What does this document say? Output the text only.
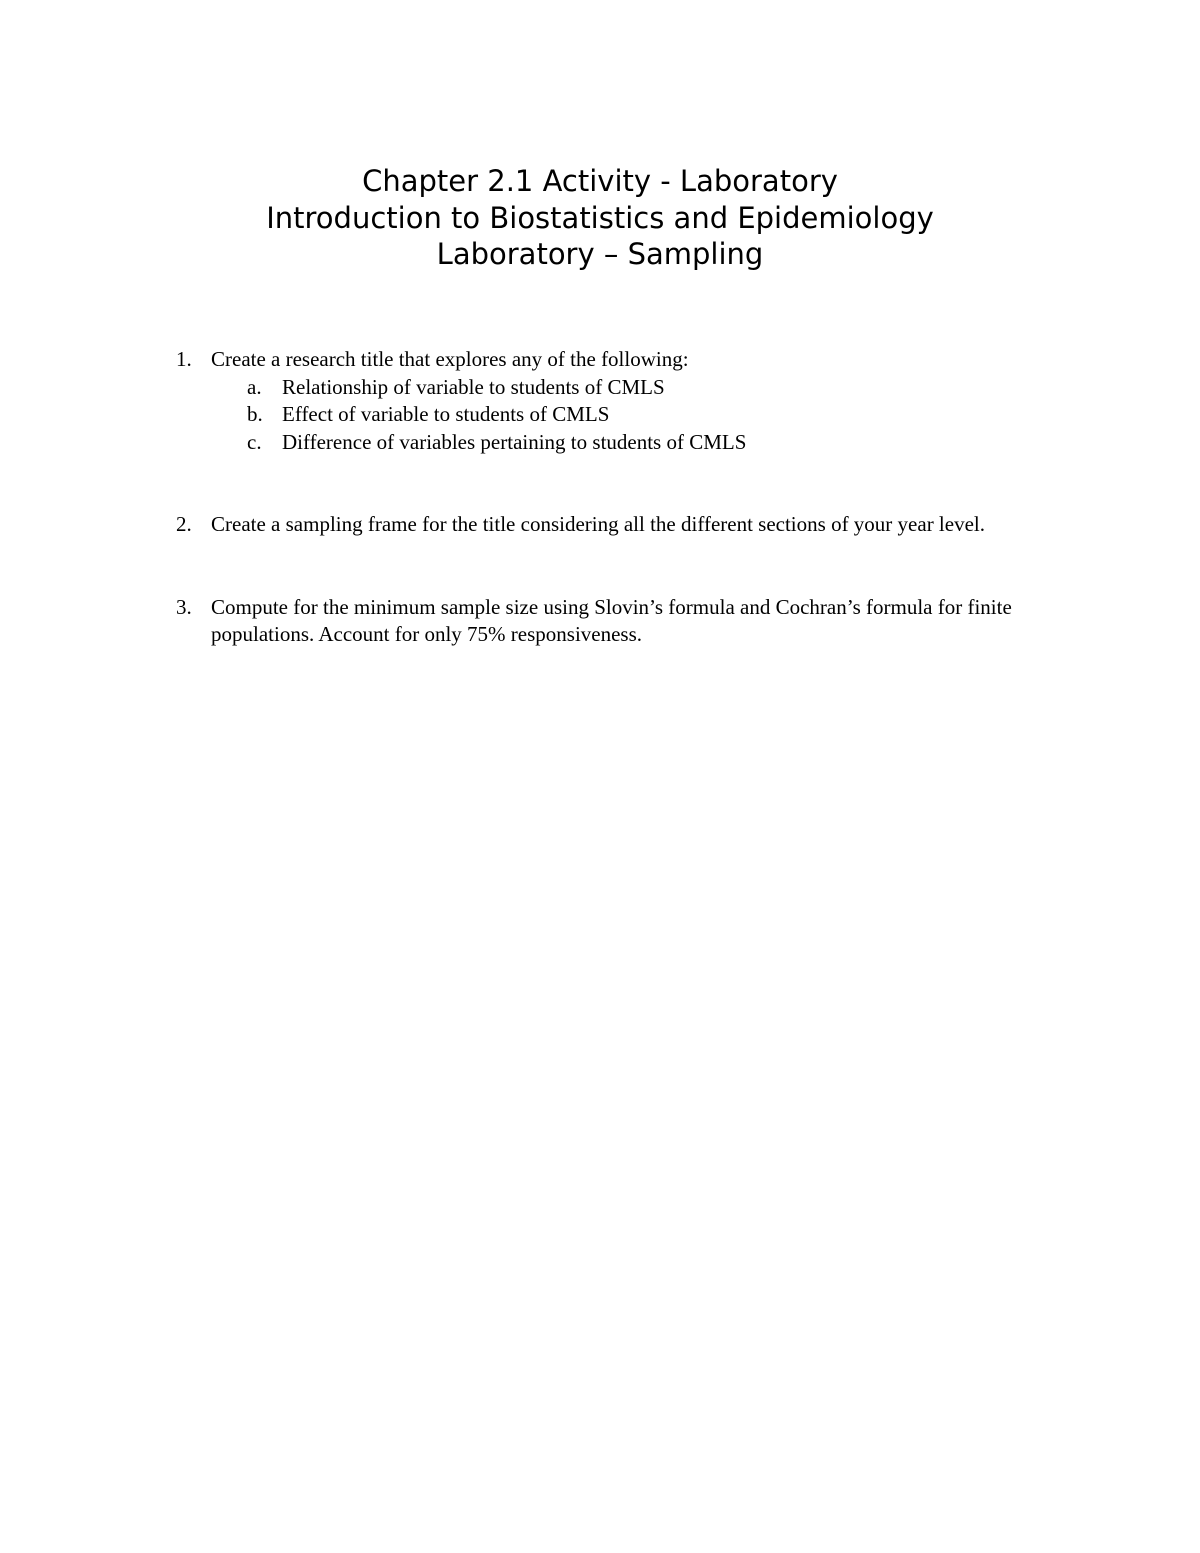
Chapter 2.1 Activity - Laboratory
Introduction to Biostatistics and Epidemiology
Laboratory – Sampling
1. Create a research title that explores any of the following:
a. Relationship of variable to students of CMLS
b. Effect of variable to students of CMLS
c. Difference of variables pertaining to students of CMLS
2. Create a sampling frame for the title considering all the different sections of your year level.
3. Compute for the minimum sample size using Slovin’s formula and Cochran’s formula for finite populations. Account for only 75% responsiveness.
